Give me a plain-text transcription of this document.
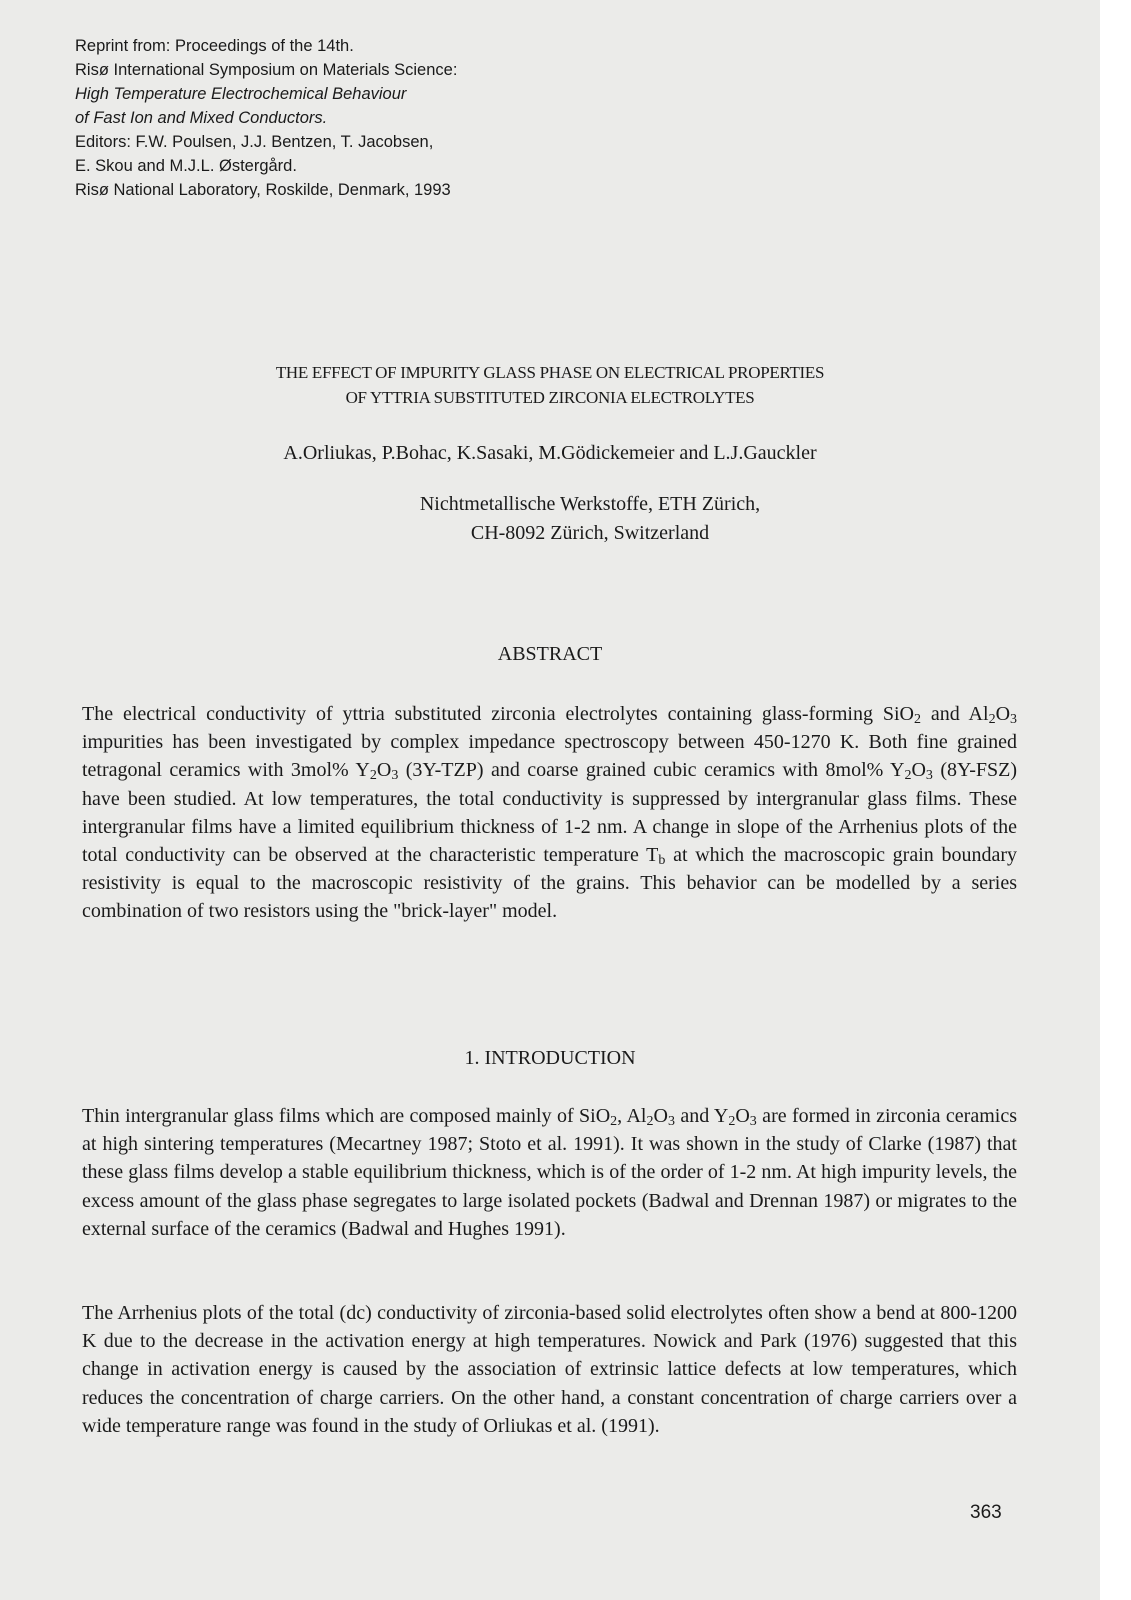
Reprint from: Proceedings of the 14th.
Risø International Symposium on Materials Science:
High Temperature Electrochemical Behaviour
of Fast Ion and Mixed Conductors.
Editors: F.W. Poulsen, J.J. Bentzen, T. Jacobsen,
E. Skou and M.J.L. Østergård.
Risø National Laboratory, Roskilde, Denmark, 1993
THE EFFECT OF IMPURITY GLASS PHASE ON ELECTRICAL PROPERTIES
OF YTTRIA SUBSTITUTED ZIRCONIA ELECTROLYTES
A.Orliukas, P.Bohac, K.Sasaki, M.Gödickemeier and L.J.Gauckler
Nichtmetallische Werkstoffe, ETH Zürich,
CH-8092 Zürich, Switzerland
ABSTRACT
The electrical conductivity of yttria substituted zirconia electrolytes containing glass-forming SiO$_2$ and $Al_2O_3$ impurities has been investigated by complex impedance spectroscopy between 450-1270 K. Both fine grained tetragonal ceramics with 3mol% $Y_2O_3$ (3Y-TZP) and coarse grained cubic ceramics with 8mol% $Y_2O_3$ (8Y-FSZ) have been studied. At low temperatures, the total conductivity is suppressed by intergranular glass films. These intergranular films have a limited equilibrium thickness of 1-2 nm. A change in slope of the Arrhenius plots of the total conductivity can be observed at the characteristic temperature $T_b$ at which the macroscopic grain boundary resistivity is equal to the macroscopic resistivity of the grains. This behavior can be modelled by a series combination of two resistors using the "brick-layer" model.
1. INTRODUCTION
Thin intergranular glass films which are composed mainly of SiO$_2$, $Al_2O_3$ and $Y_2O_3$ are formed in zirconia ceramics at high sintering temperatures (Mecartney 1987; Stoto et al. 1991). It was shown in the study of Clarke (1987) that these glass films develop a stable equilibrium thickness, which is of the order of 1-2 nm. At high impurity levels, the excess amount of the glass phase segregates to large isolated pockets (Badwal and Drennan 1987) or migrates to the external surface of the ceramics (Badwal and Hughes 1991).
The Arrhenius plots of the total (dc) conductivity of zirconia-based solid electrolytes often show a bend at 800-1200 K due to the decrease in the activation energy at high temperatures. Nowick and Park (1976) suggested that this change in activation energy is caused by the association of extrinsic lattice defects at low temperatures, which reduces the concentration of charge carriers. On the other hand, a constant concentration of charge carriers over a wide temperature range was found in the study of Orliukas et al. (1991).
363
